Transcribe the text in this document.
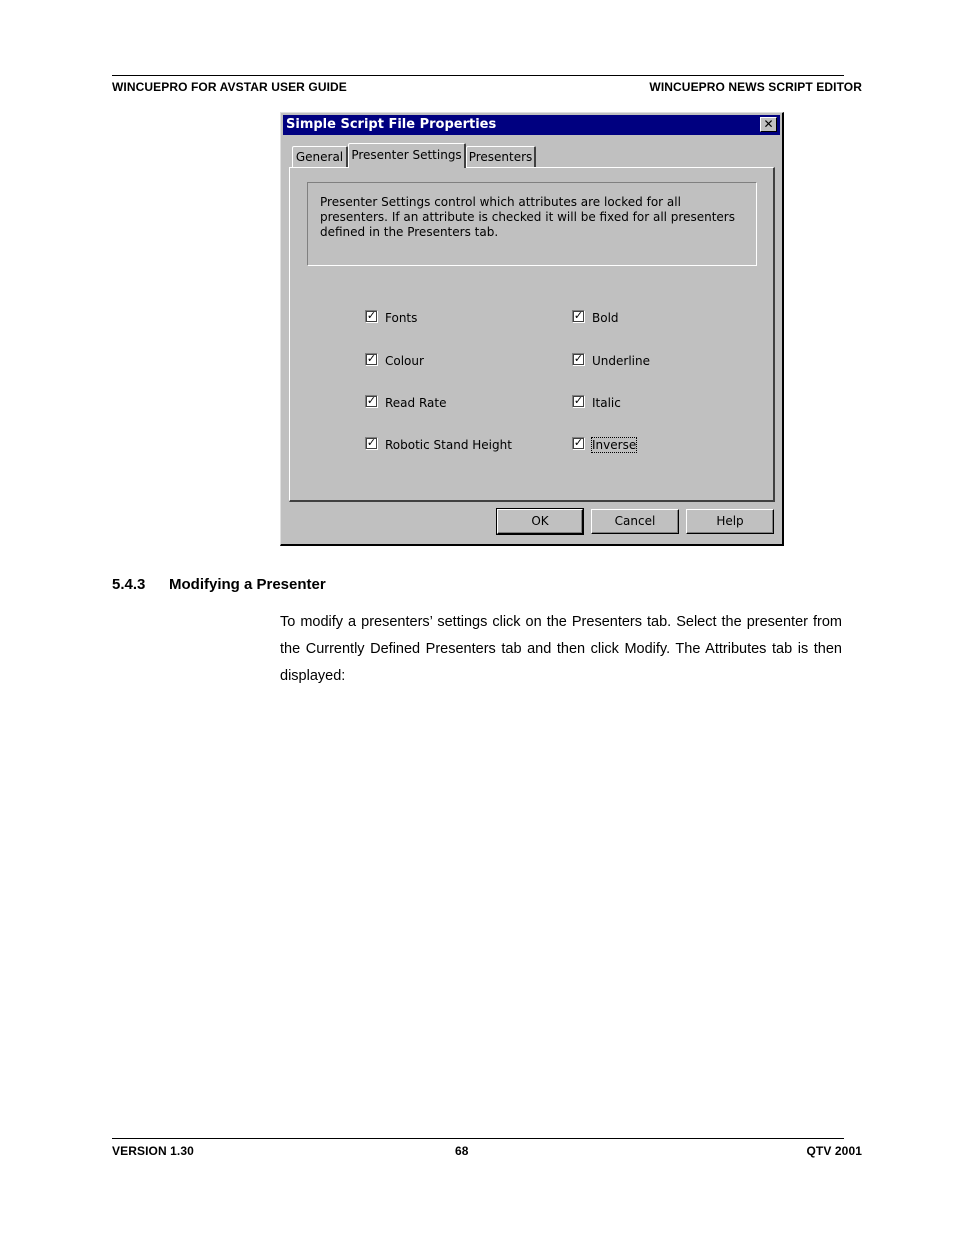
WINCUEPRO FOR AVSTAR USER GUIDE	WINCUEPRO NEWS SCRIPT EDITOR
Simple Script File Properties	✕
General Presenter Settings Presenters
Presenter Settings control which attributes are locked for all presenters. If an attribute is checked it will be fixed for all presenters defined in the Presenters tab.
✓ Fonts
✓ Colour
✓ Read Rate
✓ Robotic Stand Height
✓ Bold
✓ Underline
✓ Italic
✓ Inverse
OK	Cancel	Help
5.4.3 Modifying a Presenter
To modify a presenters’ settings click on the Presenters tab. Select the presenter from the Currently Defined Presenters tab and then click Modify. The Attributes tab is then displayed:
VERSION 1.30	68	QTV 2001
